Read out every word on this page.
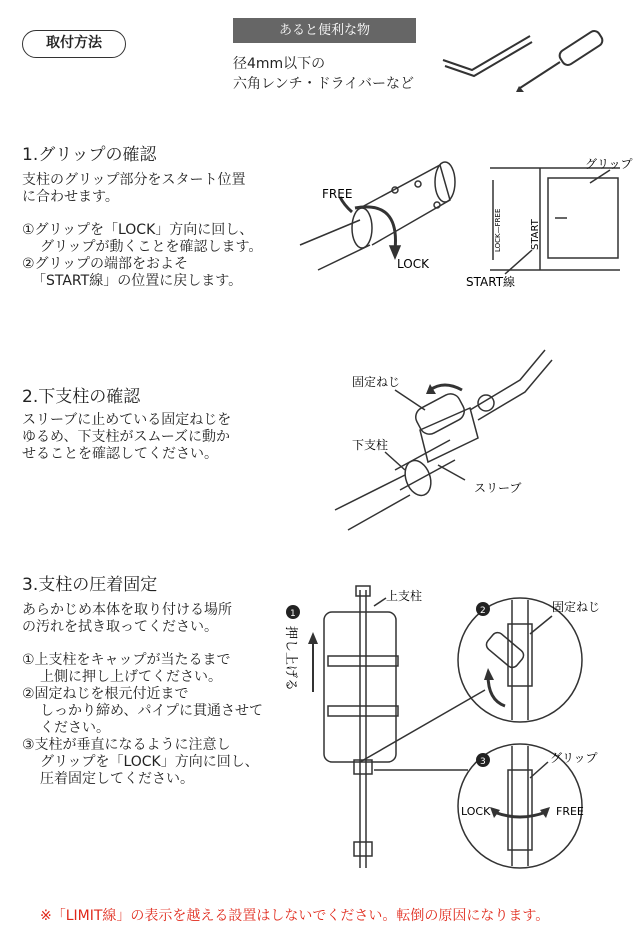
取付方法
あると便利な物
径4mm以下の
六角レンチ・ドライバーなど
FREE
LOCK
START
LOCK—FREE
グリップ
START線
固定ねじ
下支柱
スリーブ
1
押し上げる
上支柱
2	固定ねじ
3	グリップ
LOCK	FREE
1.グリップの確認
支柱のグリップ部分をスタート位置
に合わせます。
①グリップを「LOCK」方向に回し、
グリップが動くことを確認します。
②グリップの端部をおよそ
「START線」の位置に戻します。
2.下支柱の確認
スリーブに止めている固定ねじを
ゆるめ、下支柱がスムーズに動か
せることを確認してください。
3.支柱の圧着固定
あらかじめ本体を取り付ける場所
の汚れを拭き取ってください。
①上支柱をキャップが当たるまで
上側に押し上げてください。
②固定ねじを根元付近まで
しっかり締め、パイプに貫通させて
ください。
③支柱が垂直になるように注意し
グリップを「LOCK」方向に回し、
圧着固定してください。
※「LIMIT線」の表示を越える設置はしないでください。転倒の原因になります。
